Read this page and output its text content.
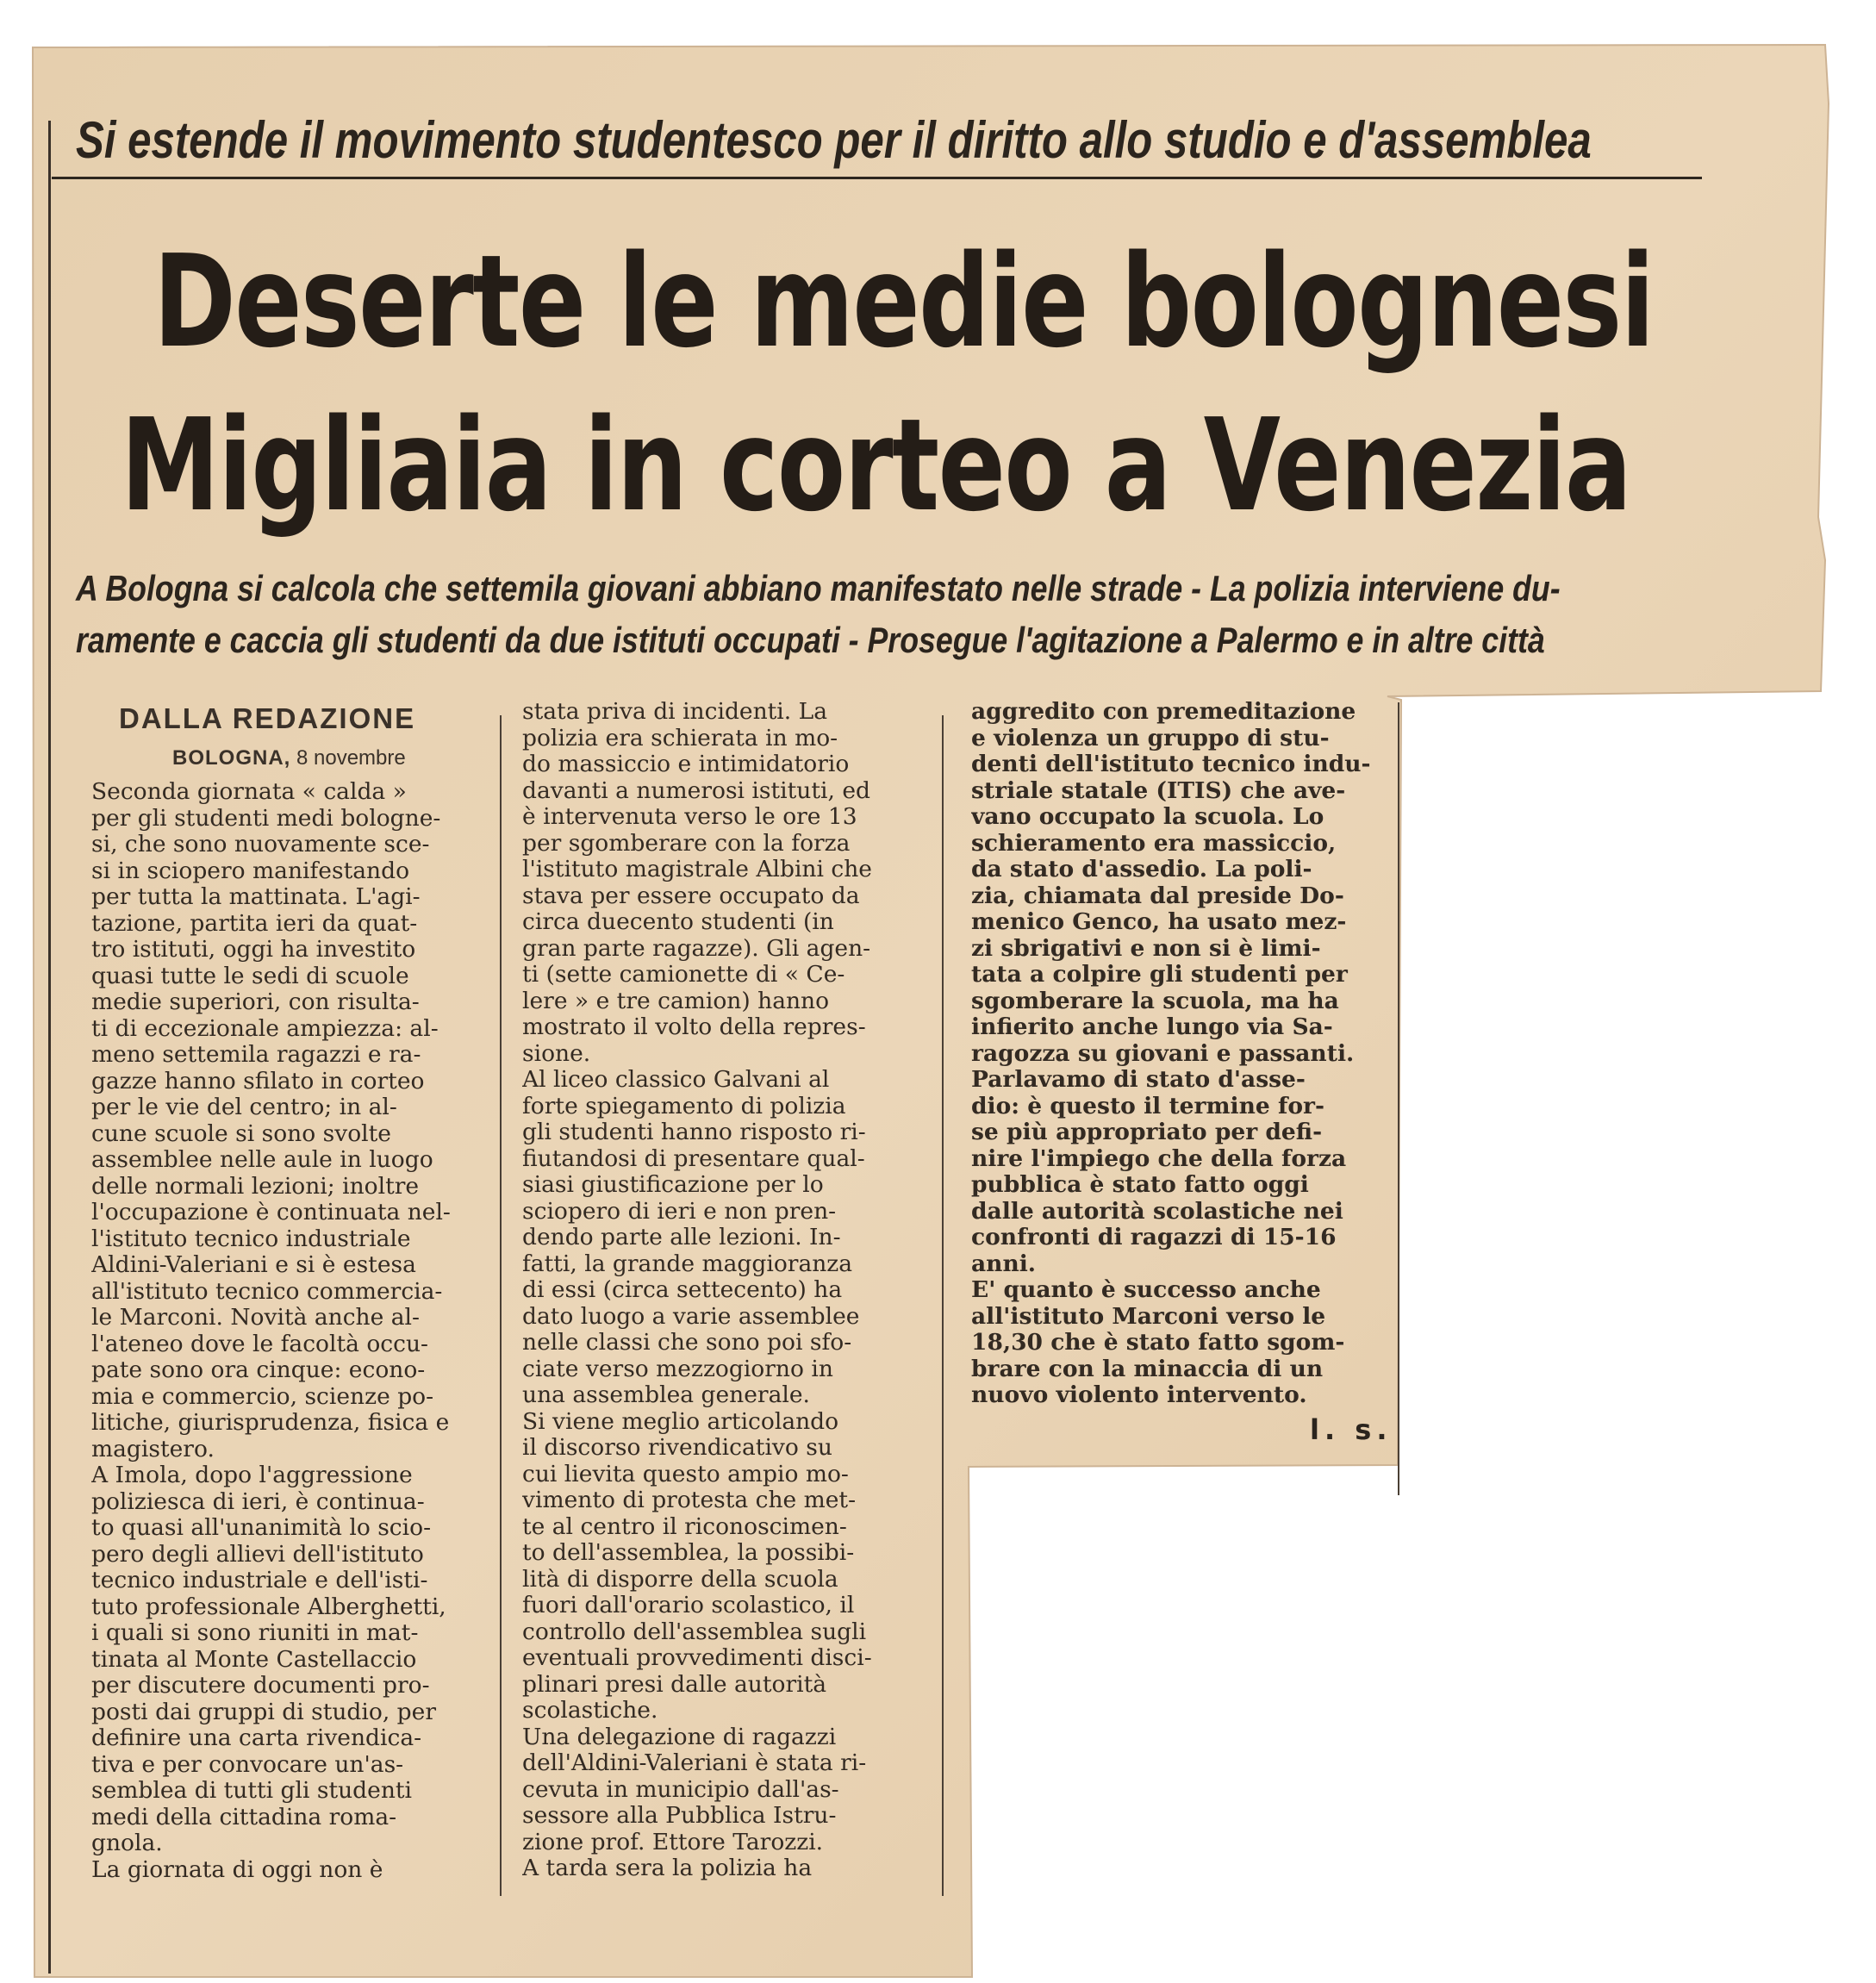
Si estende il movimento studentesco per il diritto allo studio e d'assemblea
Deserte le medie bolognesi
Migliaia in corteo a Venezia
A Bologna si calcola che settemila giovani abbiano manifestato nelle strade - La polizia interviene du-
ramente e caccia gli studenti da due istituti occupati - Prosegue l'agitazione a Palermo e in altre città
DALLA REDAZIONE
BOLOGNA, 8 novembre
Seconda giornata « calda »
per gli studenti medi bologne-
si, che sono nuovamente sce-
si in sciopero manifestando
per tutta la mattinata. L'agi-
tazione, partita ieri da quat-
tro istituti, oggi ha investito
quasi tutte le sedi di scuole
medie superiori, con risulta-
ti di eccezionale ampiezza: al-
meno settemila ragazzi e ra-
gazze hanno sfilato in corteo
per le vie del centro; in al-
cune scuole si sono svolte
assemblee nelle aule in luogo
delle normali lezioni; inoltre
l'occupazione è continuata nel-
l'istituto tecnico industriale
Aldini-Valeriani e si è estesa
all'istituto tecnico commercia-
le Marconi. Novità anche al-
l'ateneo dove le facoltà occu-
pate sono ora cinque: econo-
mia e commercio, scienze po-
litiche, giurisprudenza, fisica e
magistero.
A Imola, dopo l'aggressione
poliziesca di ieri, è continua-
to quasi all'unanimità lo scio-
pero degli allievi dell'istituto
tecnico industriale e dell'isti-
tuto professionale Alberghetti,
i quali si sono riuniti in mat-
tinata al Monte Castellaccio
per discutere documenti pro-
posti dai gruppi di studio, per
definire una carta rivendica-
tiva e per convocare un'as-
semblea di tutti gli studenti
medi della cittadina roma-
gnola.
La giornata di oggi non è
stata priva di incidenti. La
polizia era schierata in mo-
do massiccio e intimidatorio
davanti a numerosi istituti, ed
è intervenuta verso le ore 13
per sgomberare con la forza
l'istituto magistrale Albini che
stava per essere occupato da
circa duecento studenti (in
gran parte ragazze). Gli agen-
ti (sette camionette di « Ce-
lere » e tre camion) hanno
mostrato il volto della repres-
sione.
Al liceo classico Galvani al
forte spiegamento di polizia
gli studenti hanno risposto ri-
fiutandosi di presentare qual-
siasi giustificazione per lo
sciopero di ieri e non pren-
dendo parte alle lezioni. In-
fatti, la grande maggioranza
di essi (circa settecento) ha
dato luogo a varie assemblee
nelle classi che sono poi sfo-
ciate verso mezzogiorno in
una assemblea generale.
Si viene meglio articolando
il discorso rivendicativo su
cui lievita questo ampio mo-
vimento di protesta che met-
te al centro il riconoscimen-
to dell'assemblea, la possibi-
lità di disporre della scuola
fuori dall'orario scolastico, il
controllo dell'assemblea sugli
eventuali provvedimenti disci-
plinari presi dalle autorità
scolastiche.
Una delegazione di ragazzi
dell'Aldini-Valeriani è stata ri-
cevuta in municipio dall'as-
sessore alla Pubblica Istru-
zione prof. Ettore Tarozzi.
A tarda sera la polizia ha
aggredito con premeditazione
e violenza un gruppo di stu-
denti dell'istituto tecnico indu-
striale statale (ITIS) che ave-
vano occupato la scuola. Lo
schieramento era massiccio,
da stato d'assedio. La poli-
zia, chiamata dal preside Do-
menico Genco, ha usato mez-
zi sbrigativi e non si è limi-
tata a colpire gli studenti per
sgomberare la scuola, ma ha
infierito anche lungo via Sa-
ragozza su giovani e passanti.
Parlavamo di stato d'asse-
dio: è questo il termine for-
se più appropriato per defi-
nire l'impiego che della forza
pubblica è stato fatto oggi
dalle autorità scolastiche nei
confronti di ragazzi di 15-16
anni.
E' quanto è successo anche
all'istituto Marconi verso le
18,30 che è stato fatto sgom-
brare con la minaccia di un
nuovo violento intervento.
l. s.
